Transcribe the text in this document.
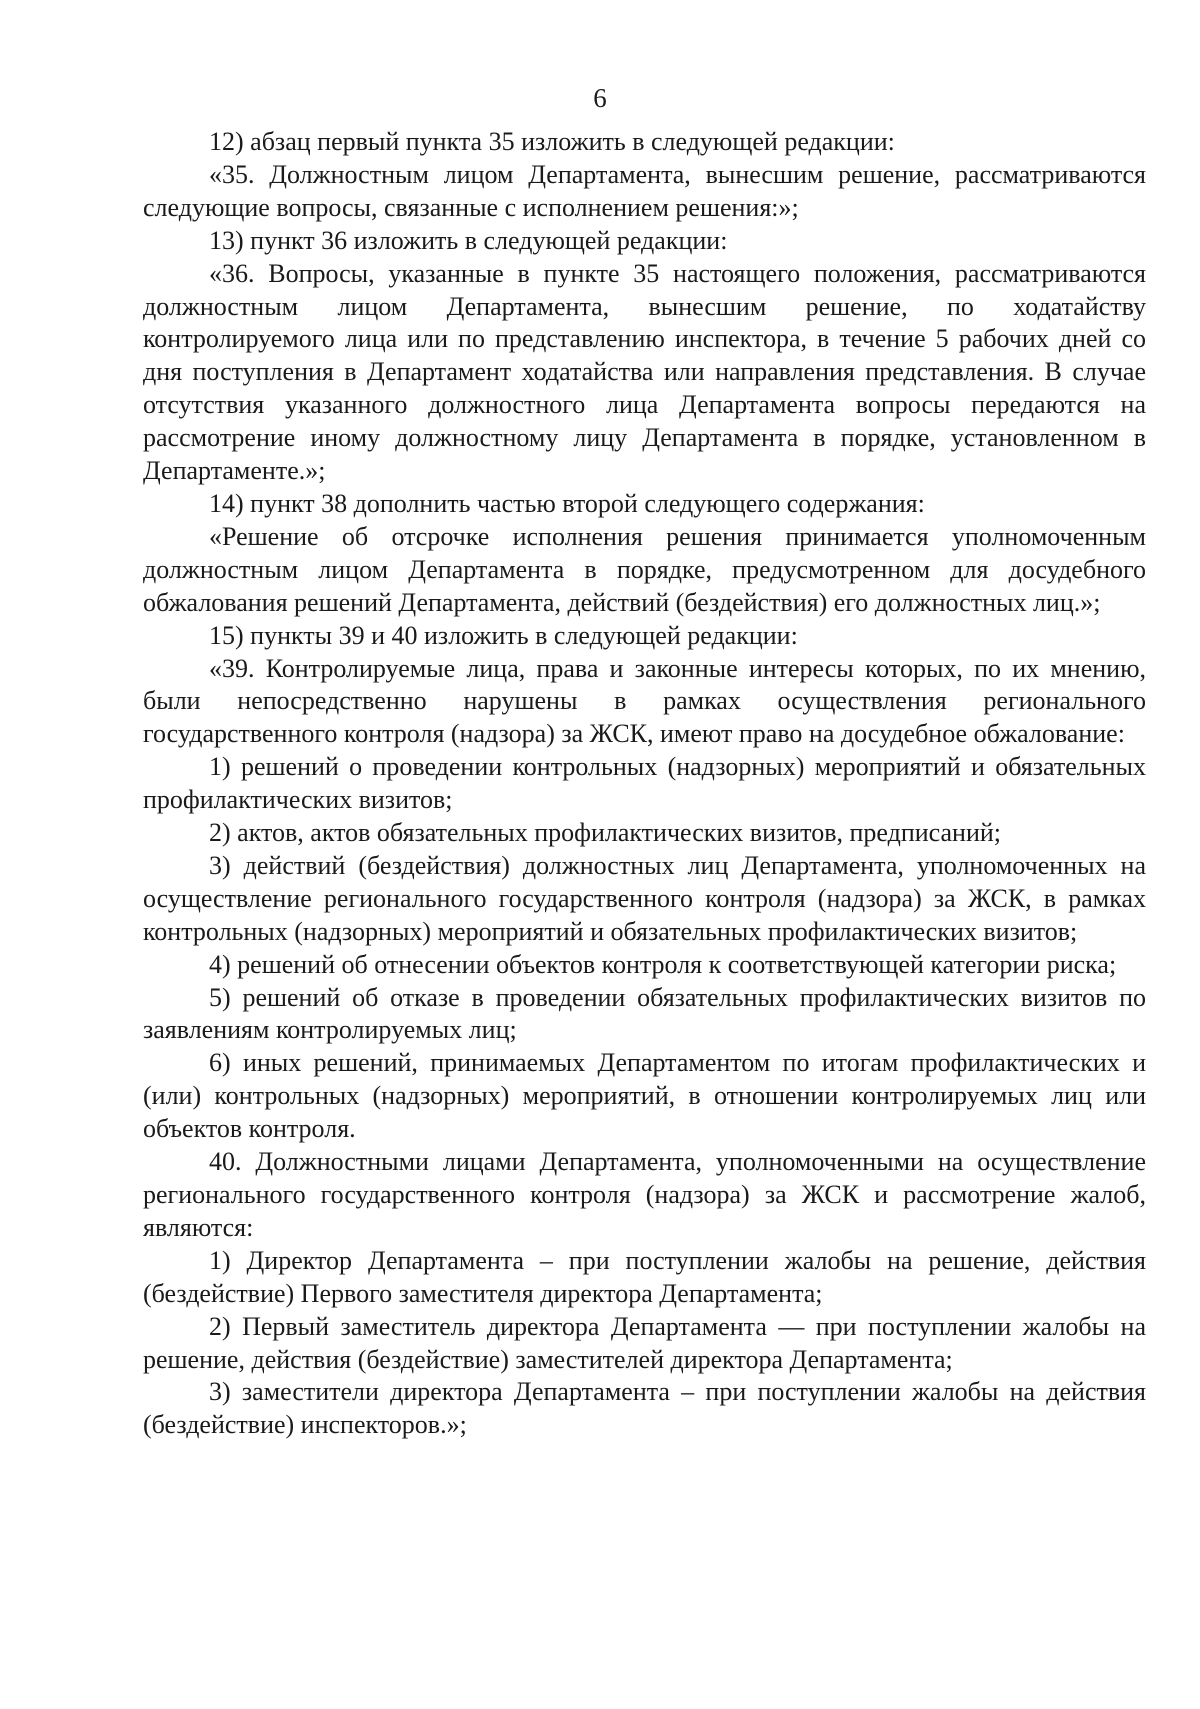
6

12) абзац первый пункта 35 изложить в следующей редакции:

«35. Должностным лицом Департамента, вынесшим решение, рассматриваются следующие вопросы, связанные с исполнением решения:»;

13) пункт 36 изложить в следующей редакции:

«36. Вопросы, указанные в пункте 35 настоящего положения, рассматриваются должностным лицом Департамента, вынесшим решение, по ходатайству контролируемого лица или по представлению инспектора, в течение 5 рабочих дней со дня поступления в Департамент ходатайства или направления представления. В случае отсутствия указанного должностного лица Департамента вопросы передаются на рассмотрение иному должностному лицу Департамента в порядке, установленном в Департаменте.»;

14) пункт 38 дополнить частью второй следующего содержания:

«Решение об отсрочке исполнения решения принимается уполномоченным должностным лицом Департамента в порядке, предусмотренном для досудебного обжалования решений Департамента, действий (бездействия) его должностных лиц.»;

15) пункты 39 и 40 изложить в следующей редакции:

«39. Контролируемые лица, права и законные интересы которых, по их мнению, были непосредственно нарушены в рамках осуществления регионального государственного контроля (надзора) за ЖСК, имеют право на досудебное обжалование:

1) решений о проведении контрольных (надзорных) мероприятий и обязательных профилактических визитов;

2) актов, актов обязательных профилактических визитов, предписаний;

3) действий (бездействия) должностных лиц Департамента, уполномоченных на осуществление регионального государственного контроля (надзора) за ЖСК, в рамках контрольных (надзорных) мероприятий и обязательных профилактических визитов;

4) решений об отнесении объектов контроля к соответствующей категории риска;

5) решений об отказе в проведении обязательных профилактических визитов по заявлениям контролируемых лиц;

6) иных решений, принимаемых Департаментом по итогам профилактических и (или) контрольных (надзорных) мероприятий, в отношении контролируемых лиц или объектов контроля.

40. Должностными лицами Департамента, уполномоченными на осуществление регионального государственного контроля (надзора) за ЖСК и рассмотрение жалоб, являются:

1) Директор Департамента – при поступлении жалобы на решение, действия (бездействие) Первого заместителя директора Департамента;

2) Первый заместитель директора Департамента — при поступлении жалобы на решение, действия (бездействие) заместителей директора Департамента;

3) заместители директора Департамента – при поступлении жалобы на действия (бездействие) инспекторов.»;
